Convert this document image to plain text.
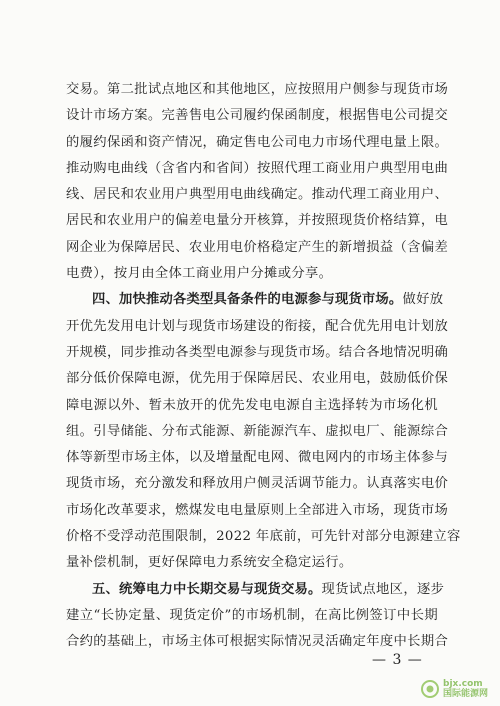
交易。第二批试点地区和其他地区，应按照用户侧参与现货市场
设计市场方案。完善售电公司履约保函制度，根据售电公司提交
的履约保函和资产情况，确定售电公司电力市场代理电量上限。
推动购电曲线（含省内和省间）按照代理工商业用户典型用电曲
线、居民和农业用户典型用电曲线确定。推动代理工商业用户、
居民和农业用户的偏差电量分开核算，并按照现货价格结算，电
网企业为保障居民、农业用电价格稳定产生的新增损益（含偏差
电费），按月由全体工商业用户分摊或分享。
四、加快推动各类型具备条件的电源参与现货市场。做好放
开优先发用电计划与现货市场建设的衔接，配合优先用电计划放
开规模，同步推动各类型电源参与现货市场。结合各地情况明确
部分低价保障电源，优先用于保障居民、农业用电，鼓励低价保
障电源以外、暂未放开的优先发电电源自主选择转为市场化机
组。引导储能、分布式能源、新能源汽车、虚拟电厂、能源综合
体等新型市场主体，以及增量配电网、微电网内的市场主体参与
现货市场，充分激发和释放用户侧灵活调节能力。认真落实电价
市场化改革要求，燃煤发电电量原则上全部进入市场，现货市场
价格不受浮动范围限制，2022 年底前，可先针对部分电源建立容
量补偿机制，更好保障电力系统安全稳定运行。
五、统筹电力中长期交易与现货交易。现货试点地区，逐步
建立“长协定量、现货定价”的市场机制，在高比例签订中长期
合约的基础上，市场主体可根据实际情况灵活确定年度中长期合
— 3 —
bjx.com
国际能源网
